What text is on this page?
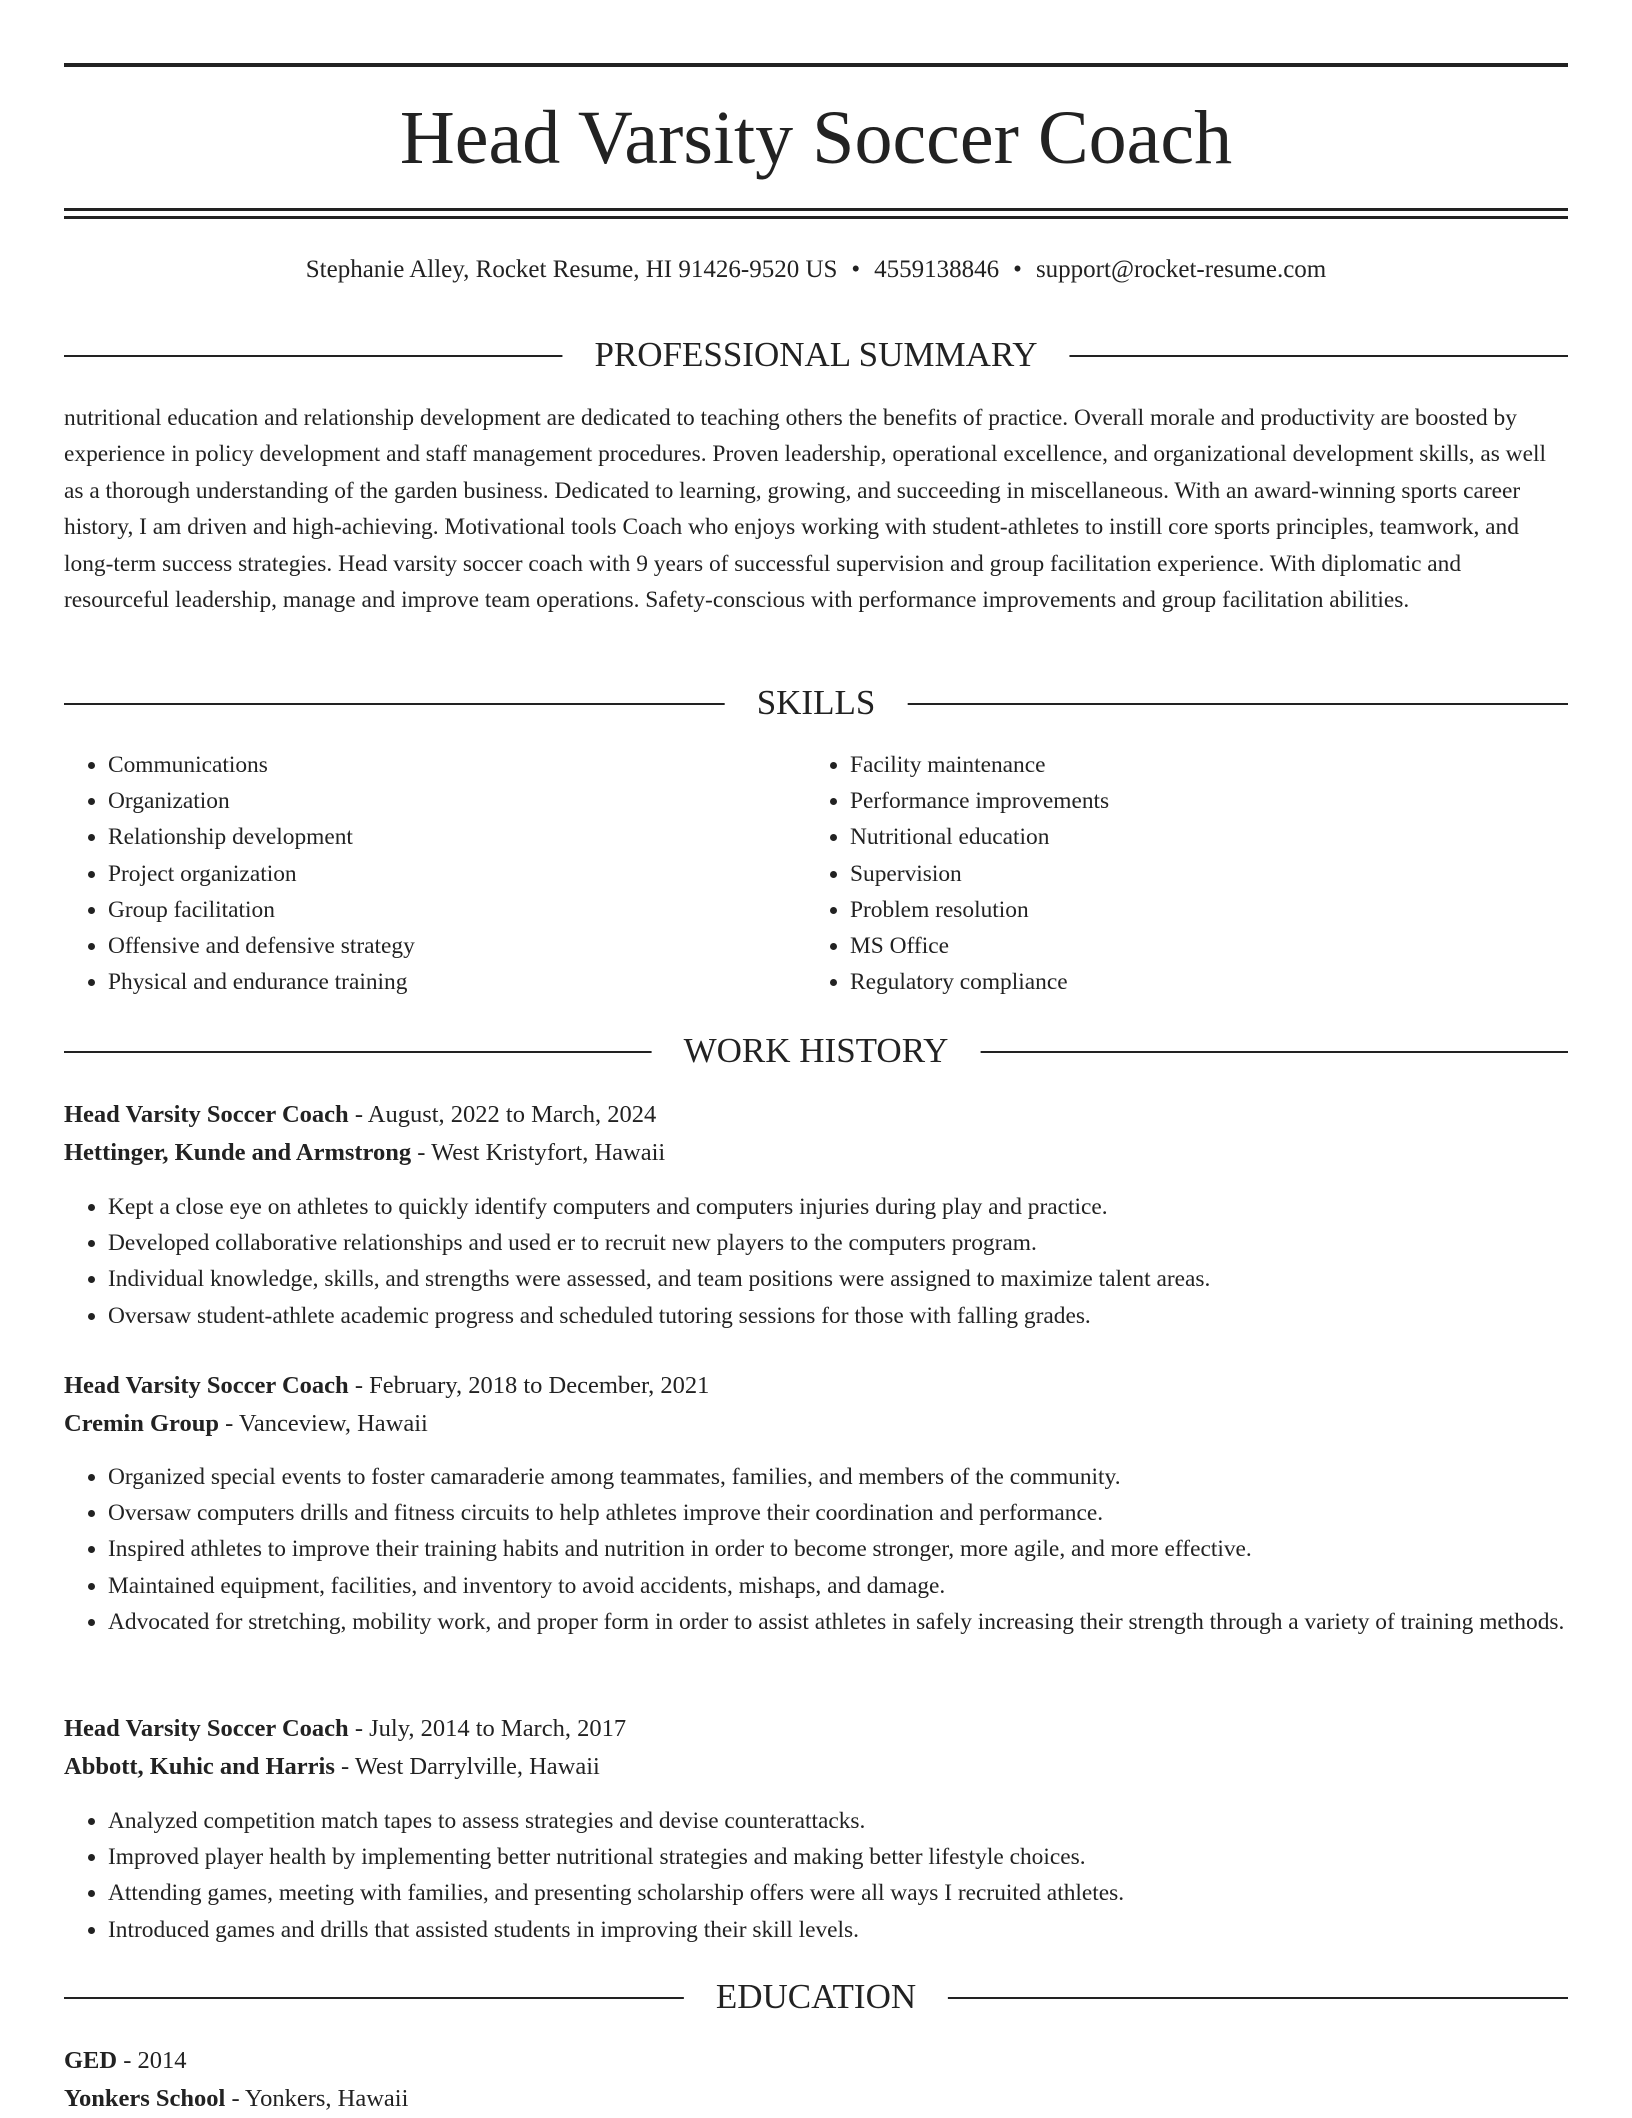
Head Varsity Soccer Coach
Stephanie Alley, Rocket Resume, HI 91426-9520 US • 4559138846 • support@rocket-resume.com
PROFESSIONAL SUMMARY

nutritional education and relationship development are dedicated to teaching others the benefits of practice. Overall morale and productivity are boosted by experience in policy development and staff management procedures. Proven leadership, operational excellence, and organizational development skills, as well as a thorough understanding of the garden business. Dedicated to learning, growing, and succeeding in miscellaneous. With an award-winning sports career history, I am driven and high-achieving. Motivational tools Coach who enjoys working with student-athletes to instill core sports principles, teamwork, and long-term success strategies. Head varsity soccer coach with 9 years of successful supervision and group facilitation experience. With diplomatic and resourceful leadership, manage and improve team operations. Safety-conscious with performance improvements and group facilitation abilities.

SKILLS
• Communications
• Organization
• Relationship development
• Project organization
• Group facilitation
• Offensive and defensive strategy
• Physical and endurance training
• Facility maintenance
• Performance improvements
• Nutritional education
• Supervision
• Problem resolution
• MS Office
• Regulatory compliance
WORK HISTORY
Head Varsity Soccer Coach - August, 2022 to March, 2024
Hettinger, Kunde and Armstrong - West Kristyfort, Hawaii
• Kept a close eye on athletes to quickly identify computers and computers injuries during play and practice.
• Developed collaborative relationships and used er to recruit new players to the computers program.
• Individual knowledge, skills, and strengths were assessed, and team positions were assigned to maximize talent areas.
• Oversaw student-athlete academic progress and scheduled tutoring sessions for those with falling grades.
Head Varsity Soccer Coach - February, 2018 to December, 2021
Cremin Group - Vanceview, Hawaii
• Organized special events to foster camaraderie among teammates, families, and members of the community.
• Oversaw computers drills and fitness circuits to help athletes improve their coordination and performance.
• Inspired athletes to improve their training habits and nutrition in order to become stronger, more agile, and more effective.
• Maintained equipment, facilities, and inventory to avoid accidents, mishaps, and damage.
• Advocated for stretching, mobility work, and proper form in order to assist athletes in safely increasing their strength through a variety of training methods.
Head Varsity Soccer Coach - July, 2014 to March, 2017
Abbott, Kuhic and Harris - West Darrylville, Hawaii
• Analyzed competition match tapes to assess strategies and devise counterattacks.
• Improved player health by implementing better nutritional strategies and making better lifestyle choices.
• Attending games, meeting with families, and presenting scholarship offers were all ways I recruited athletes.
• Introduced games and drills that assisted students in improving their skill levels.
EDUCATION
GED - 2014
Yonkers School - Yonkers, Hawaii
